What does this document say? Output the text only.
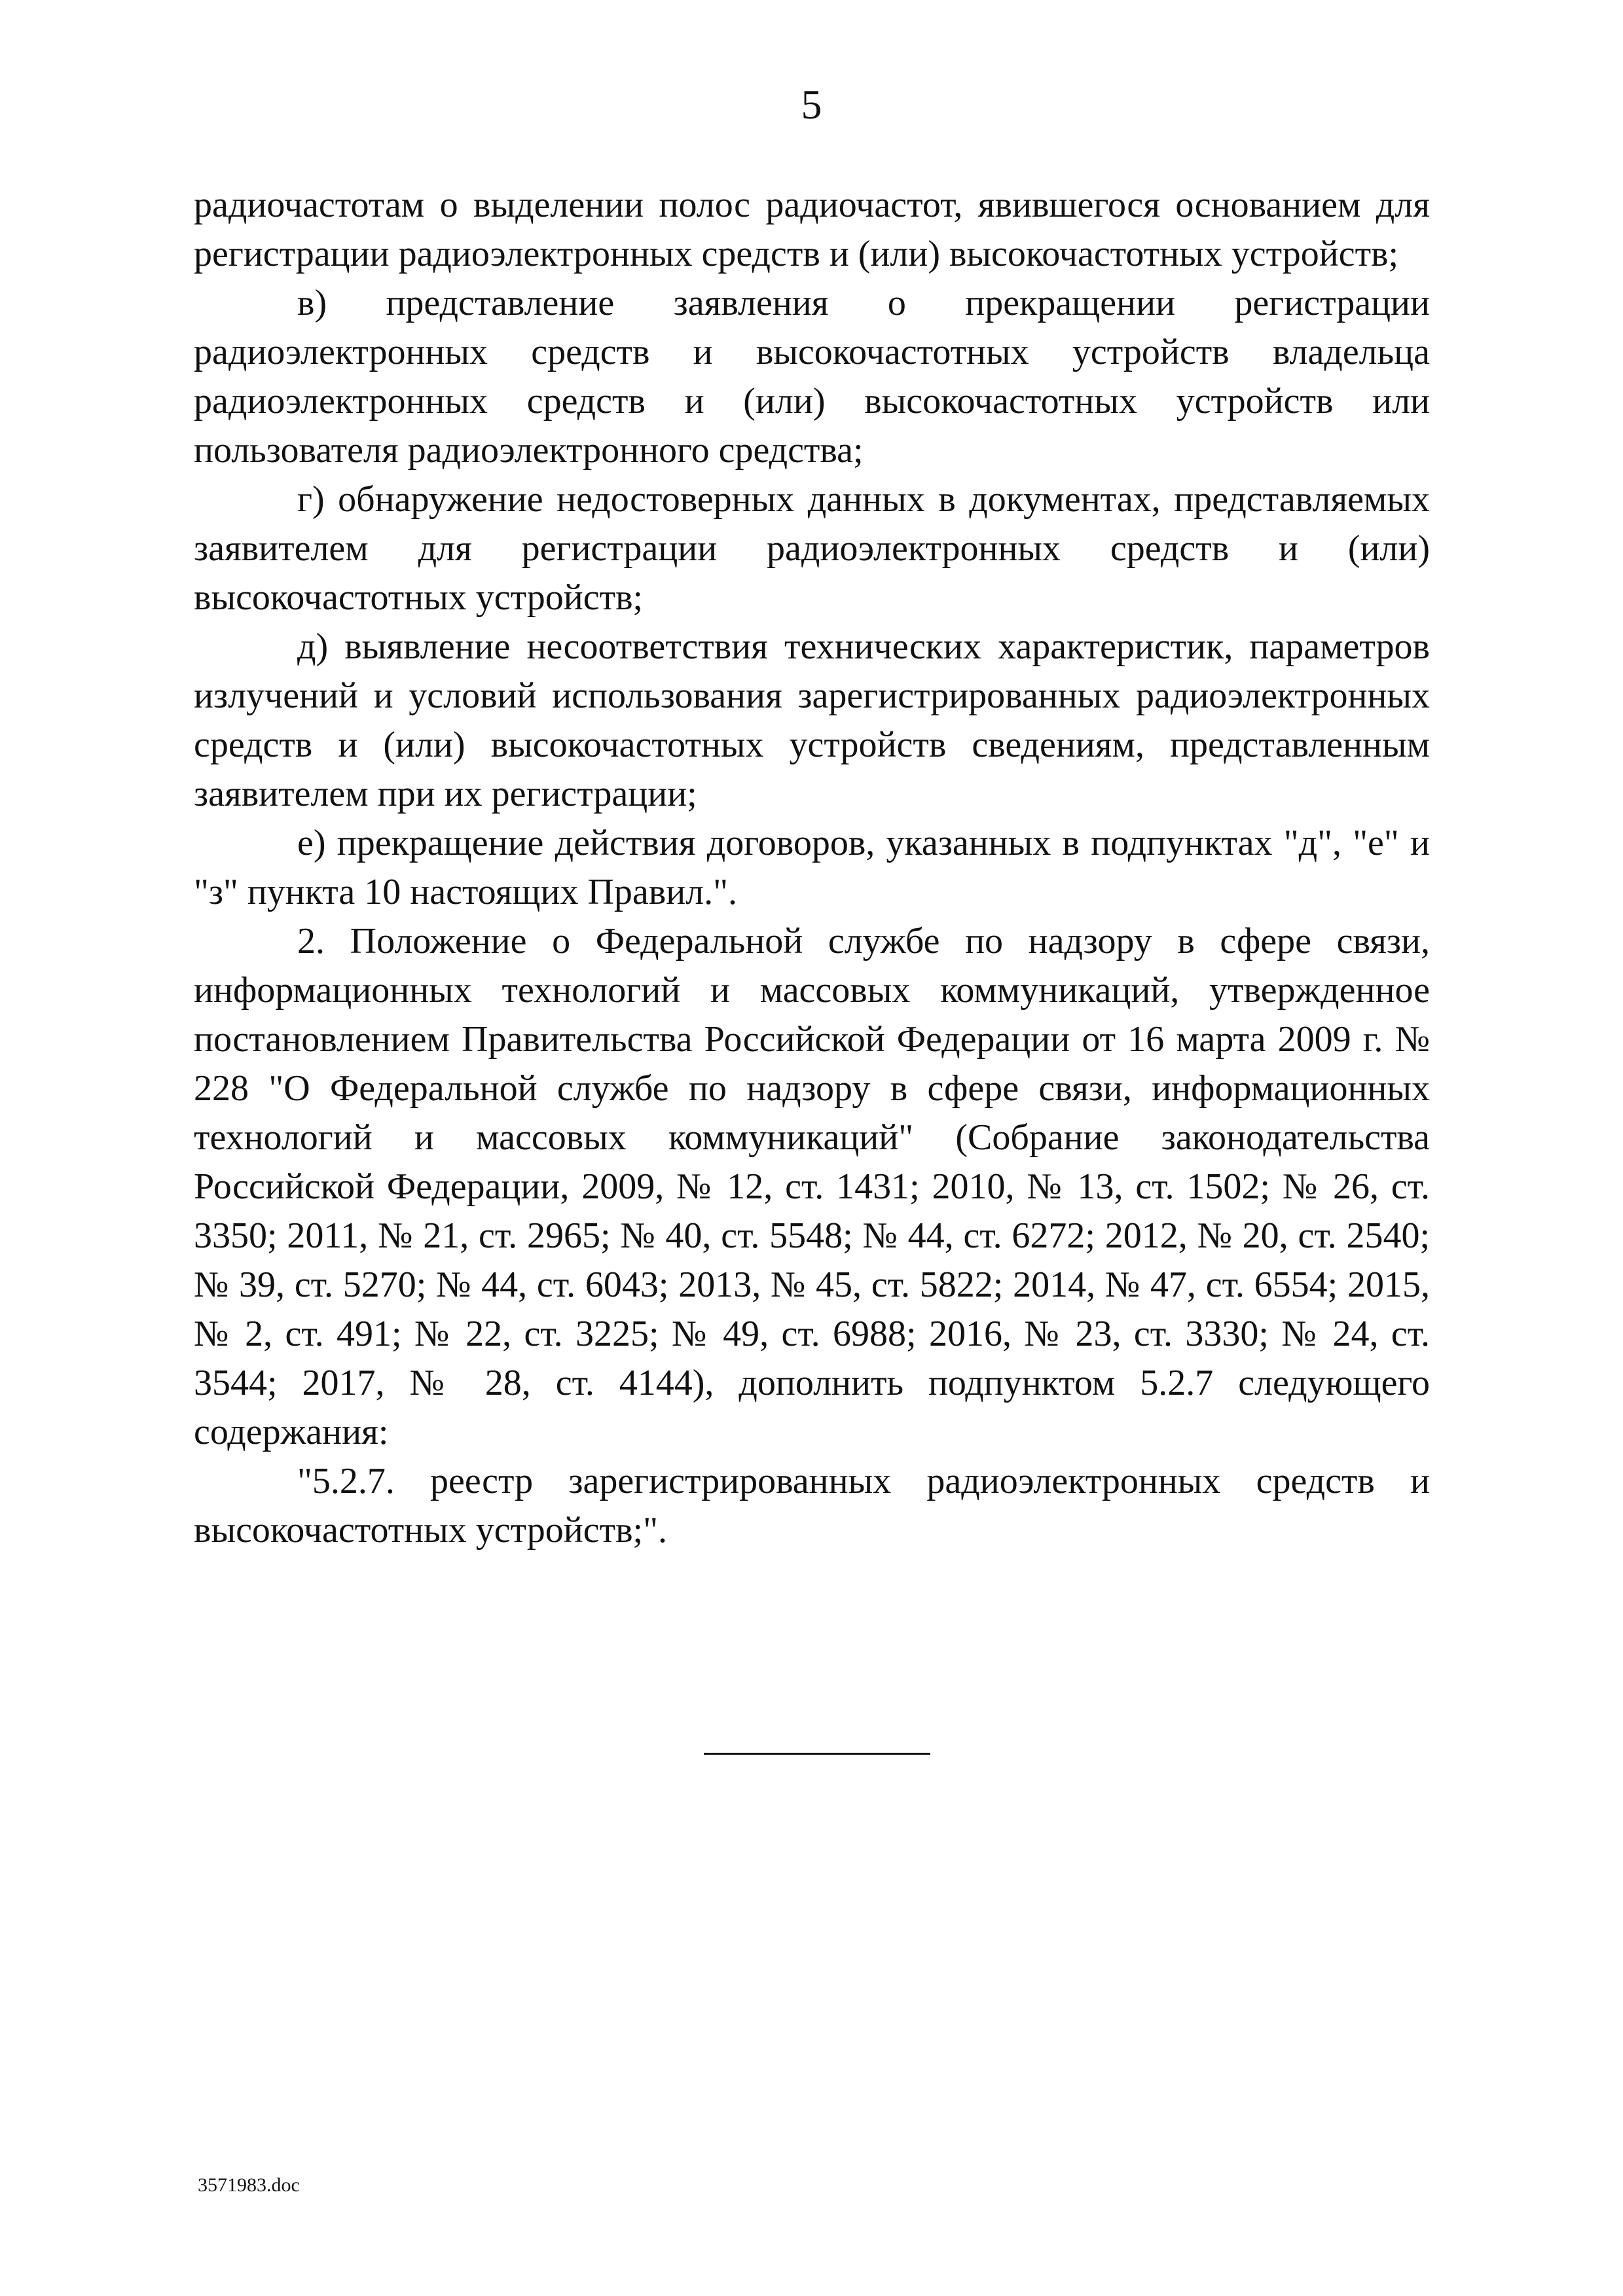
5

радиочастотам о выделении полос радиочастот, явившегося основанием для регистрации радиоэлектронных средств и (или) высокочастотных устройств;

в) представление заявления о прекращении регистрации радиоэлектронных средств и высокочастотных устройств владельца радиоэлектронных средств и (или) высокочастотных устройств или пользователя радиоэлектронного средства;

г) обнаружение недостоверных данных в документах, представляемых заявителем для регистрации радиоэлектронных средств и (или) высокочастотных устройств;

д) выявление несоответствия технических характеристик, параметров излучений и условий использования зарегистрированных радиоэлектронных средств и (или) высокочастотных устройств сведениям, представленным заявителем при их регистрации;

е) прекращение действия договоров, указанных в подпунктах "д", "е" и "з" пункта 10 настоящих Правил.".

2. Положение о Федеральной службе по надзору в сфере связи, информационных технологий и массовых коммуникаций, утвержденное постановлением Правительства Российской Федерации от 16 марта 2009 г. № 228 "О Федеральной службе по надзору в сфере связи, информационных технологий и массовых коммуникаций" (Собрание законодательства Российской Федерации, 2009, № 12, ст. 1431; 2010, № 13, ст. 1502; № 26, ст. 3350; 2011, № 21, ст. 2965; № 40, ст. 5548; № 44, ст. 6272; 2012, № 20, ст. 2540; № 39, ст. 5270; № 44, ст. 6043; 2013, № 45, ст. 5822; 2014, № 47, ст. 6554; 2015, № 2, ст. 491; № 22, ст. 3225; № 49, ст. 6988; 2016, № 23, ст. 3330; № 24, ст. 3544; 2017, № 28, ст. 4144), дополнить подпунктом 5.2.7 следующего содержания:

"5.2.7. реестр зарегистрированных радиоэлектронных средств и высокочастотных устройств;".

3571983.doc
